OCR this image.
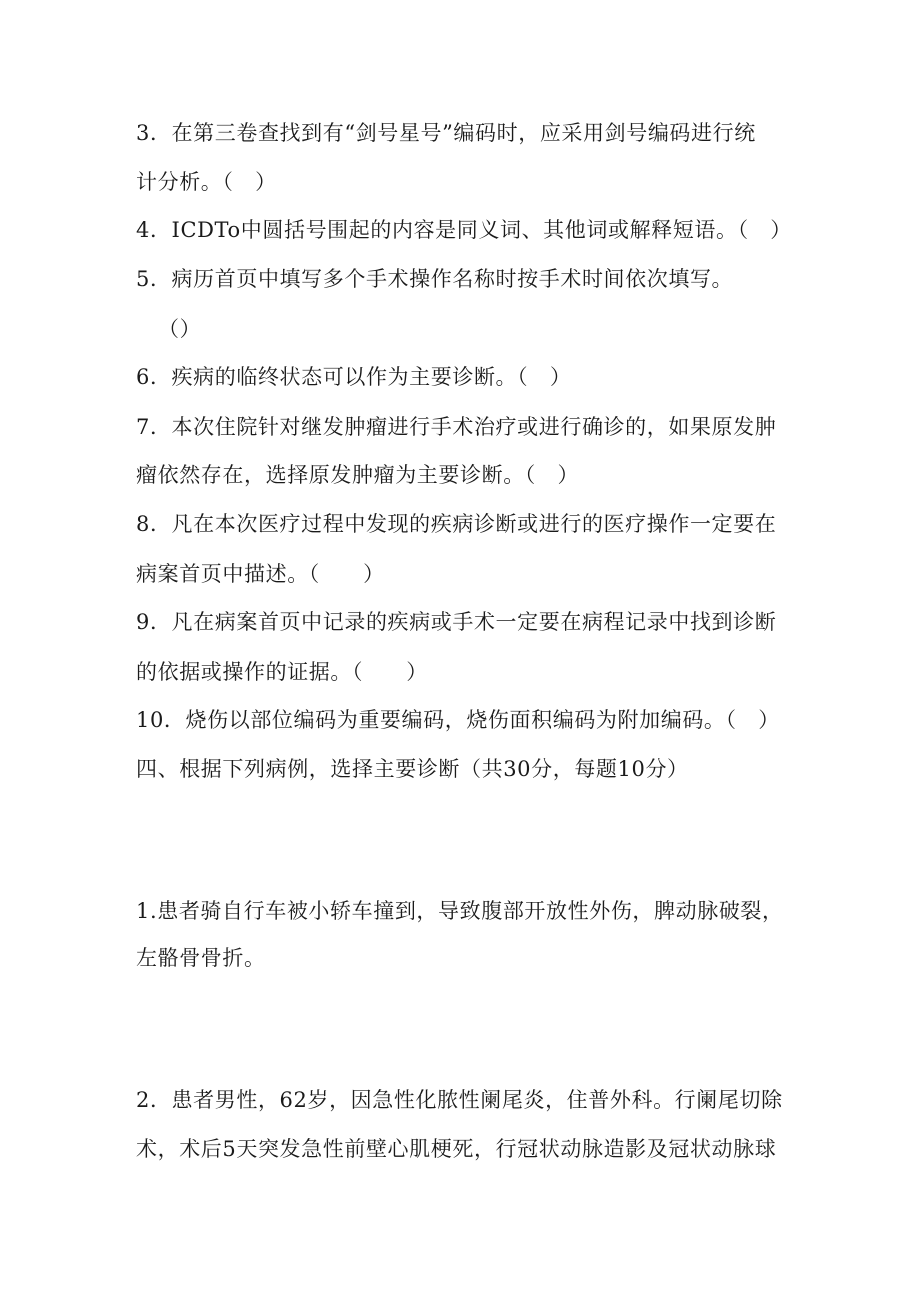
3．在第三卷查找到有“剑号星号”编码时，应采用剑号编码进行统
计分析。（　）
4．ICDTo中圆括号围起的内容是同义词、其他词或解释短语。（　）
5．病历首页中填写多个手术操作名称时按手术时间依次填写。
（）
6．疾病的临终状态可以作为主要诊断。（　）
7．本次住院针对继发肿瘤进行手术治疗或进行确诊的，如果原发肿
瘤依然存在，选择原发肿瘤为主要诊断。（　）
8．凡在本次医疗过程中发现的疾病诊断或进行的医疗操作一定要在
病案首页中描述。（　　）
9．凡在病案首页中记录的疾病或手术一定要在病程记录中找到诊断
的依据或操作的证据。（　　）
10．烧伤以部位编码为重要编码，烧伤面积编码为附加编码。（　）
四、根据下列病例，选择主要诊断（共30分，每题10分）
1.患者骑自行车被小轿车撞到，导致腹部开放性外伤，脾动脉破裂，
左骼骨骨折。
2．患者男性，62岁，因急性化脓性阑尾炎，住普外科。行阑尾切除
术，术后5天突发急性前壁心肌梗死，行冠状动脉造影及冠状动脉球
